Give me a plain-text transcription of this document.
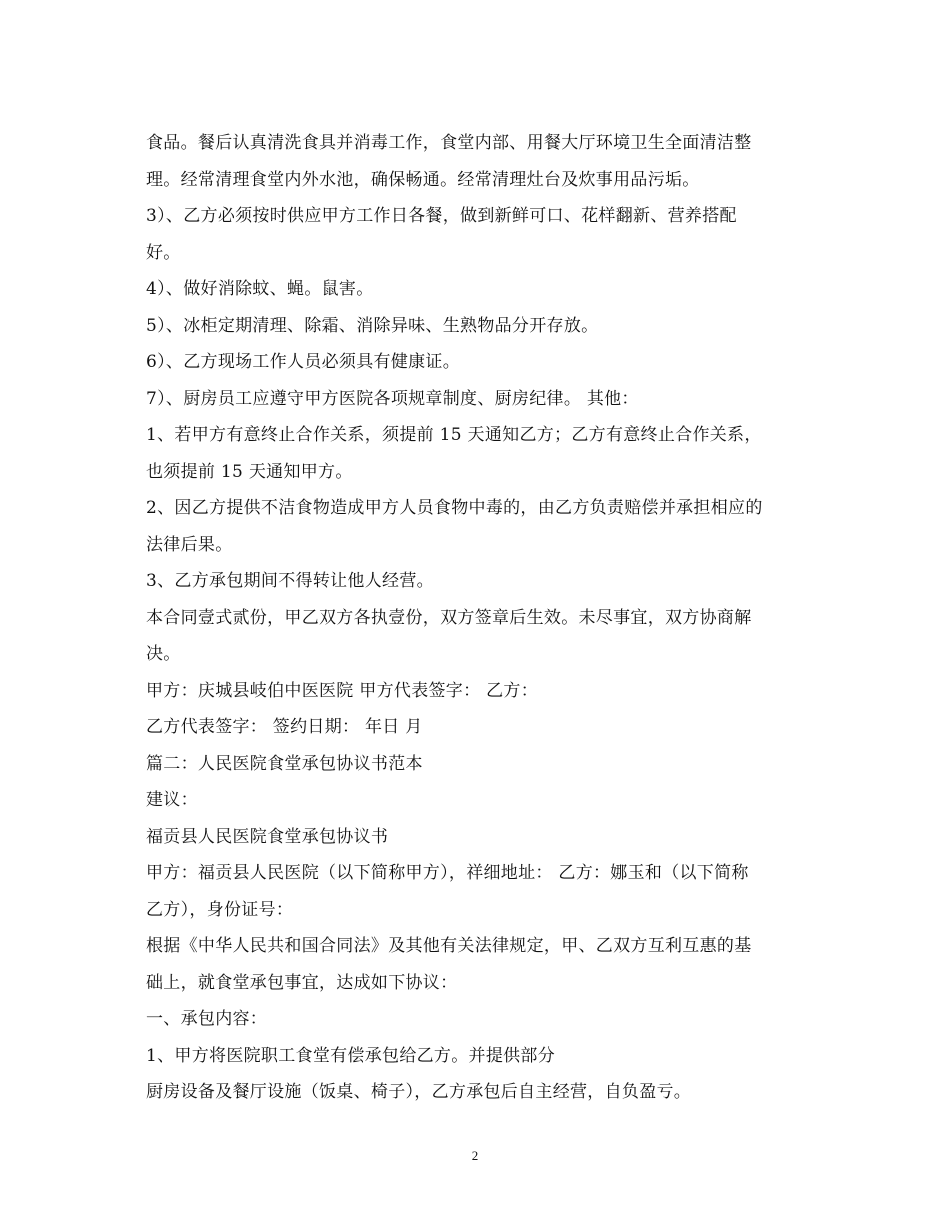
食品。餐后认真清洗食具并消毒工作，食堂内部、用餐大厅环境卫生全面清洁整
理。经常清理食堂内外水池，确保畅通。经常清理灶台及炊事用品污垢。
3）、乙方必须按时供应甲方工作日各餐，做到新鲜可口、花样翻新、营养搭配
好。
4）、做好消除蚊、蝇。鼠害。
5）、冰柜定期清理、除霜、消除异味、生熟物品分开存放。
6）、乙方现场工作人员必须具有健康证。
7）、厨房员工应遵守甲方医院各项规章制度、厨房纪律。 其他：
1、若甲方有意终止合作关系，须提前 15 天通知乙方；乙方有意终止合作关系，
也须提前 15 天通知甲方。
2、因乙方提供不洁食物造成甲方人员食物中毒的，由乙方负责赔偿并承担相应的
法律后果。
3、乙方承包期间不得转让他人经营。
本合同壹式贰份，甲乙双方各执壹份，双方签章后生效。未尽事宜，双方协商解
决。
甲方：庆城县岐伯中医医院 甲方代表签字： 乙方：
乙方代表签字： 签约日期： 年日 月
篇二：人民医院食堂承包协议书范本
建议：
福贡县人民医院食堂承包协议书
甲方：福贡县人民医院（以下简称甲方），祥细地址： 乙方：娜玉和（以下简称
乙方），身份证号：
根据《中华人民共和国合同法》及其他有关法律规定，甲、乙双方互利互惠的基
础上，就食堂承包事宜，达成如下协议：
一、承包内容：
1、甲方将医院职工食堂有偿承包给乙方。并提供部分
厨房设备及餐厅设施（饭桌、椅子），乙方承包后自主经营，自负盈亏。
2
